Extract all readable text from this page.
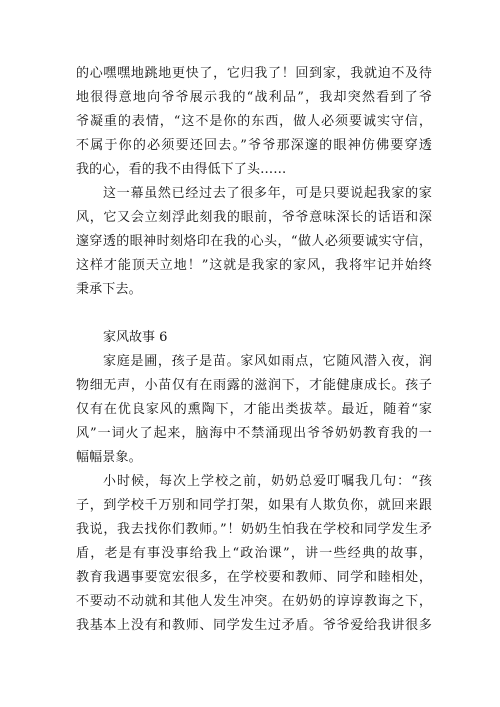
的心嘿嘿地跳地更快了，它归我了！回到家，我就迫不及待
地很得意地向爷爷展示我的“战利品”，我却突然看到了爷
爷凝重的表情，“这不是你的东西，做人必须要诚实守信，
不属于你的必须要还回去。”爷爷那深邃的眼神仿佛要穿透
我的心，看的我不由得低下了头……
这一幕虽然已经过去了很多年，可是只要说起我家的家
风，它又会立刻浮此刻我的眼前，爷爷意味深长的话语和深
邃穿透的眼神时刻烙印在我的心头，“做人必须要诚实守信，
这样才能顶天立地！”这就是我家的家风，我将牢记并始终
秉承下去。
家风故事 6
家庭是圃，孩子是苗。家风如雨点，它随风潜入夜，润
物细无声，小苗仅有在雨露的滋润下，才能健康成长。孩子
仅有在优良家风的熏陶下，才能出类拔萃。最近，随着“家
风”一词火了起来，脑海中不禁涌现出爷爷奶奶教育我的一
幅幅景象。
小时候，每次上学校之前，奶奶总爱叮嘱我几句：“孩
子，到学校千万别和同学打架，如果有人欺负你，就回来跟
我说，我去找你们教师。”！奶奶生怕我在学校和同学发生矛
盾，老是有事没事给我上“政治课”，讲一些经典的故事，
教育我遇事要宽宏很多，在学校要和教师、同学和睦相处，
不要动不动就和其他人发生冲突。在奶奶的谆谆教诲之下，
我基本上没有和教师、同学发生过矛盾。爷爷爱给我讲很多
